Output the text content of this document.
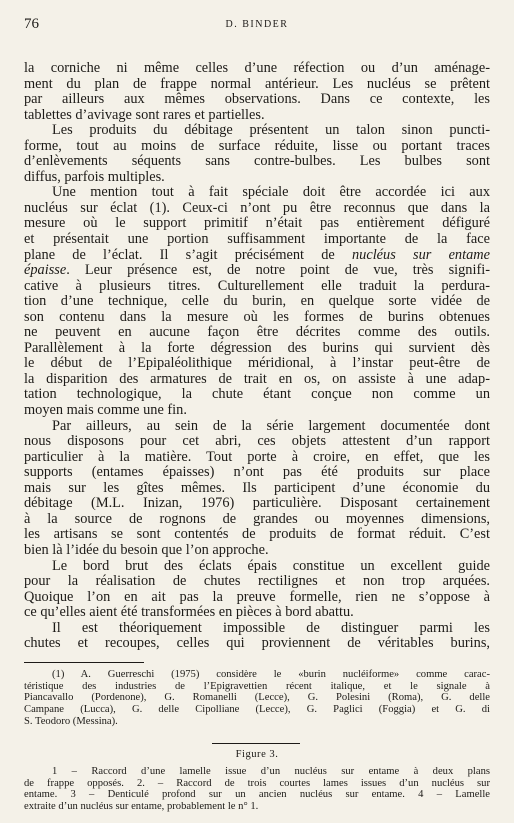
76	D. BINDER

la corniche ni même celles d’une réfection ou d’un aménage-

ment du plan de frappe normal antérieur. Les nucléus se prêtent

par ailleurs aux mêmes observations. Dans ce contexte, les

tablettes d’avivage sont rares et partielles.

Les produits du débitage présentent un talon sinon puncti-

forme, tout au moins de surface réduite, lisse ou portant traces

d’enlèvements séquents sans contre-bulbes. Les bulbes sont

diffus, parfois multiples.

Une mention tout à fait spéciale doit être accordée ici aux

nucléus sur éclat (1). Ceux-ci n’ont pu être reconnus que dans la

mesure où le support primitif n’était pas entièrement défiguré

et présentait une portion suffisamment importante de la face

plane de l’éclat. Il s’agit précisément de nucléus sur entame

épaisse. Leur présence est, de notre point de vue, très signifi-

cative à plusieurs titres. Culturellement elle traduit la perdura-

tion d’une technique, celle du burin, en quelque sorte vidée de

son contenu dans la mesure où les formes de burins obtenues

ne peuvent en aucune façon être décrites comme des outils.

Parallèlement à la forte dégression des burins qui survient dès

le début de l’Epipaléolithique méridional, à l’instar peut-être de

la disparition des armatures de trait en os, on assiste à une adap-

tation technologique, la chute étant conçue non comme un

moyen mais comme une fin.

Par ailleurs, au sein de la série largement documentée dont

nous disposons pour cet abri, ces objets attestent d’un rapport

particulier à la matière. Tout porte à croire, en effet, que les

supports (entames épaisses) n’ont pas été produits sur place

mais sur les gîtes mêmes. Ils participent d’une économie du

débitage (M.L. Inizan, 1976) particulière. Disposant certainement

à la source de rognons de grandes ou moyennes dimensions,

les artisans se sont contentés de produits de format réduit. C’est

bien là l’idée du besoin que l’on approche.

Le bord brut des éclats épais constitue un excellent guide

pour la réalisation de chutes rectilignes et non trop arquées.

Quoique l’on en ait pas la preuve formelle, rien ne s’oppose à

ce qu’elles aient été transformées en pièces à bord abattu.

Il est théoriquement impossible de distinguer parmi les

chutes et recoupes, celles qui proviennent de véritables burins,

(1) A. Guerreschi (1975) considère le «burin nucléiforme» comme carac-

téristique des industries de l’Epigravettien récent italique, et le signale à

Piancavallo (Pordenone), G. Romanelli (Lecce), G. Polesini (Roma), G. delle

Campane (Lucca), G. delle Cipolliane (Lecce), G. Paglici (Foggia) et G. di

S. Teodoro (Messina).

Figure 3.

1 – Raccord d’une lamelle issue d’un nucléus sur entame à deux plans

de frappe opposés. 2. – Raccord de trois courtes lames issues d’un nucléus sur

entame. 3 – Denticulé profond sur un ancien nucléus sur entame. 4 – Lamelle

extraite d’un nucléus sur entame, probablement le n° 1.
